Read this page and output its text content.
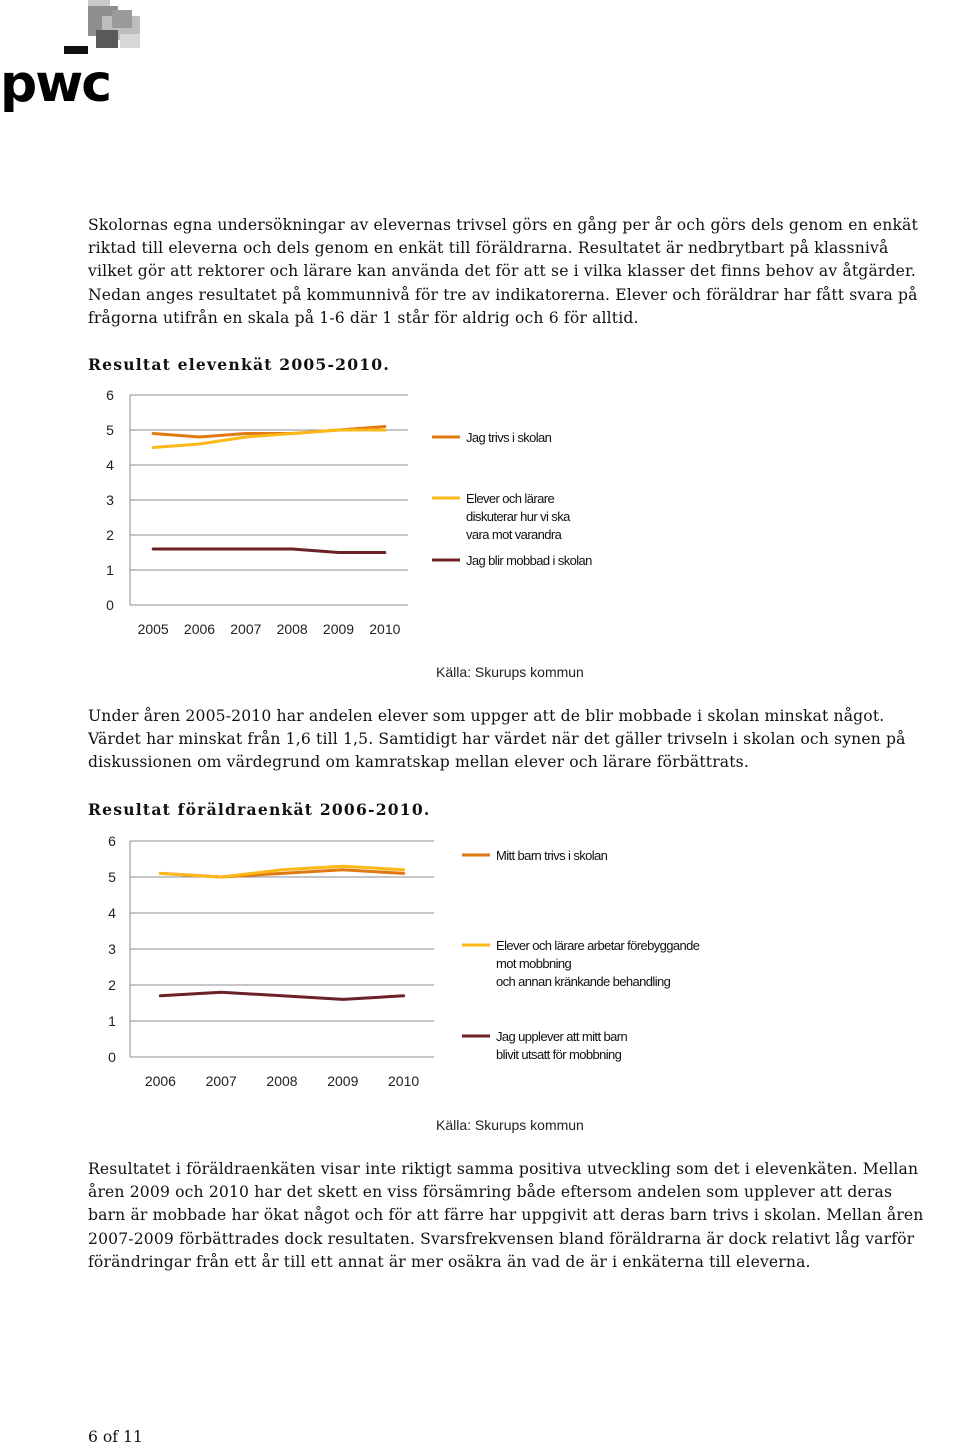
pwc
Skolornas egna undersökningar av elevernas trivsel görs en gång per år och görs dels genom en enkät
riktad till eleverna och dels genom en enkät till föräldrarna. Resultatet är nedbrytbart på klassnivå
vilket gör att rektorer och lärare kan använda det för att se i vilka klasser det finns behov av åtgärder.
Nedan anges resultatet på kommunnivå för tre av indikatorerna. Elever och föräldrar har fått svara på
frågorna utifrån en skala på 1-6 där 1 står för aldrig och 6 för alltid.
Resultat elevenkät 2005-2010.
0
1
2
3
4
5
6
2005 2006 2007 2008 2009 2010
Jag trivs i skolan
Elever och lärare diskuterar hur vi ska vara mot varandra
Jag blir mobbad i skolan
Källa: Skurups kommun
Under åren 2005-2010 har andelen elever som uppger att de blir mobbade i skolan minskat något.
Värdet har minskat från 1,6 till 1,5. Samtidigt har värdet när det gäller trivseln i skolan och synen på
diskussionen om värdegrund om kamratskap mellan elever och lärare förbättrats.
Resultat föräldraenkät 2006-2010.
0
1
2
3
4
5
6
2006 2007 2008 2009 2010
Mitt barn trivs i skolan
Elever och lärare arbetar förebyggande mot mobbning och annan kränkande behandling
Jag upplever att mitt barn blivit utsatt för mobbning
Källa: Skurups kommun
Resultatet i föräldraenkäten visar inte riktigt samma positiva utveckling som det i elevenkäten. Mellan
åren 2009 och 2010 har det skett en viss försämring både eftersom andelen som upplever att deras
barn är mobbade har ökat något och för att färre har uppgivit att deras barn trivs i skolan. Mellan åren
2007-2009 förbättrades dock resultaten. Svarsfrekvensen bland föräldrarna är dock relativt låg varför
förändringar från ett år till ett annat är mer osäkra än vad de är i enkäterna till eleverna.
6 of 11
